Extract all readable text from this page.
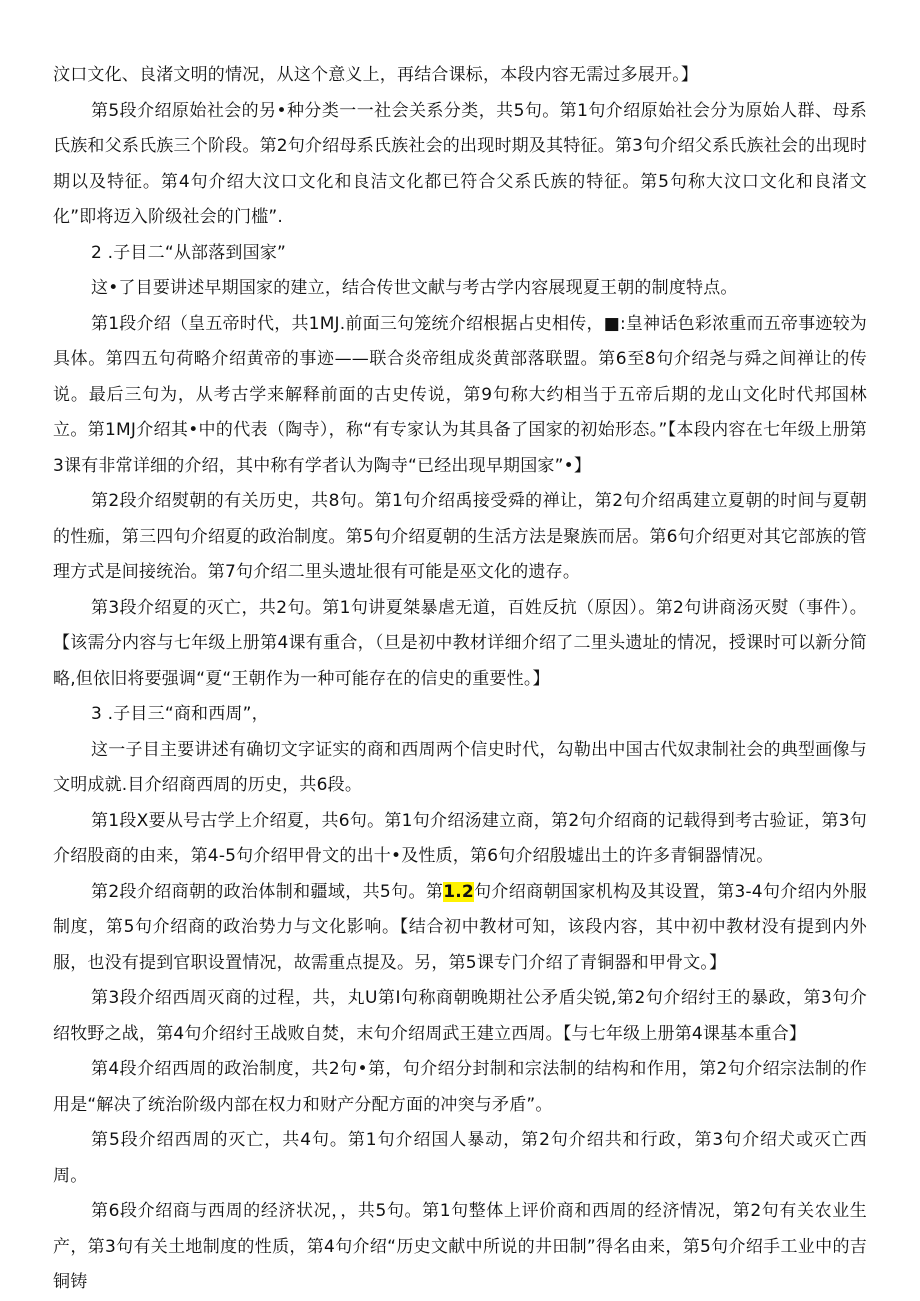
汶口文化、良渚文明的情况，从这个意义上，再结合课标，本段内容无需过多展开。】

第5段介绍原始社会的另•种分类一一社会关系分类，共5句。第1句介绍原始社会分为原始人群、母系氏族和父系氏族三个阶段。第2句介绍母系氏族社会的出现时期及其特征。第3句介绍父系氏族社会的出现时期以及特征。第4句介绍大汶口文化和良洁文化都已符合父系氏族的特征。第5句称大汶口文化和良渚文化”即将迈入阶级社会的门槛”.

2 .子目二“从部落到国家”

这•了目要讲述早期国家的建立，结合传世文献与考古学内容展现夏王朝的制度特点。

第1段介绍（皇五帝时代，共1MJ.前面三句笼统介绍根据占史相传，■:皇神话色彩浓重而五帝事迹较为具体。第四五句荷略介绍黄帝的事迹——联合炎帝组成炎黄部落联盟。第6至8句介绍尧与舜之间禅让的传说。最后三句为，从考古学来解释前面的古史传说，第9句称大约相当于五帝后期的龙山文化时代邦国林立。第1MJ介绍其•中的代表（陶寺），称“有专家认为其具备了国家的初始形态。”【本段内容在七年级上册第3课有非常详细的介绍，其中称有学者认为陶寺“已经出现早期国家”•】

第2段介绍熨朝的有关历史，共8句。第1句介绍禹接受舜的禅让，第2句介绍禹建立夏朝的时间与夏朝的性痂，第三四句介绍夏的政治制度。第5句介绍夏朝的生活方法是聚族而居。第6句介绍更对其它部族的管理方式是间接统治。第7句介绍二里头遗址很有可能是巫文化的遗存。

第3段介绍夏的灭亡，共2句。第1句讲夏桀暴虐无道，百姓反抗（原因）。第2句讲商汤灭熨（事件）。【该需分内容与七年级上册第4课有重合，（旦是初中教材详细介绍了二里头遗址的情况，授课时可以新分简略,但依旧将要强调“夏“王朝作为一种可能存在的信史的重要性。】

3 .子目三“商和西周”，

这一子目主要讲述有确切文字证实的商和西周两个信史时代，勾勒出中国古代奴隶制社会的典型画像与文明成就.目介绍商西周的历史，共6段。

第1段X要从号古学上介绍夏，共6句。第1句介绍汤建立商，第2句介绍商的记载得到考古验证，第3句介绍股商的由来，第4-5句介绍甲骨文的出十•及性质，第6句介绍殷墟出土的许多青铜器情况。

第2段介绍商朝的政治体制和疆域，共5句。第1.2句介绍商朝国家机构及其设置，第3-4句介绍内外服制度，第5句介绍商的政治势力与文化影响。【结合初中教材可知，该段内容，其中初中教材没有提到内外服，也没有提到官职设置情况，故需重点提及。另，第5课专门介绍了青铜器和甲骨文。】

第3段介绍西周灭商的过程，共，丸U第I句称商朝晚期社公矛盾尖锐,第2句介绍纣王的暴政，第3句介绍牧野之战，第4句介绍纣王战败自焚，末句介绍周武王建立西周。【与七年级上册第4课基本重合】

第4段介绍西周的政治制度，共2句•第，句介绍分封制和宗法制的结构和作用，第2句介绍宗法制的作用是“解决了统治阶级内部在权力和财产分配方面的冲突与矛盾”。

第5段介绍西周的灭亡，共4句。第1句介绍国人暴动，第2句介绍共和行政，第3句介绍犬或灭亡西周。

第6段介绍商与西周的经济状况，，共5句。第1句整体上评价商和西周的经济情况，第2句有关农业生产，第3句有关土地制度的性质，第4句介绍“历史文献中所说的井田制”得名由来，第5句介绍手工业中的吉铜铸
